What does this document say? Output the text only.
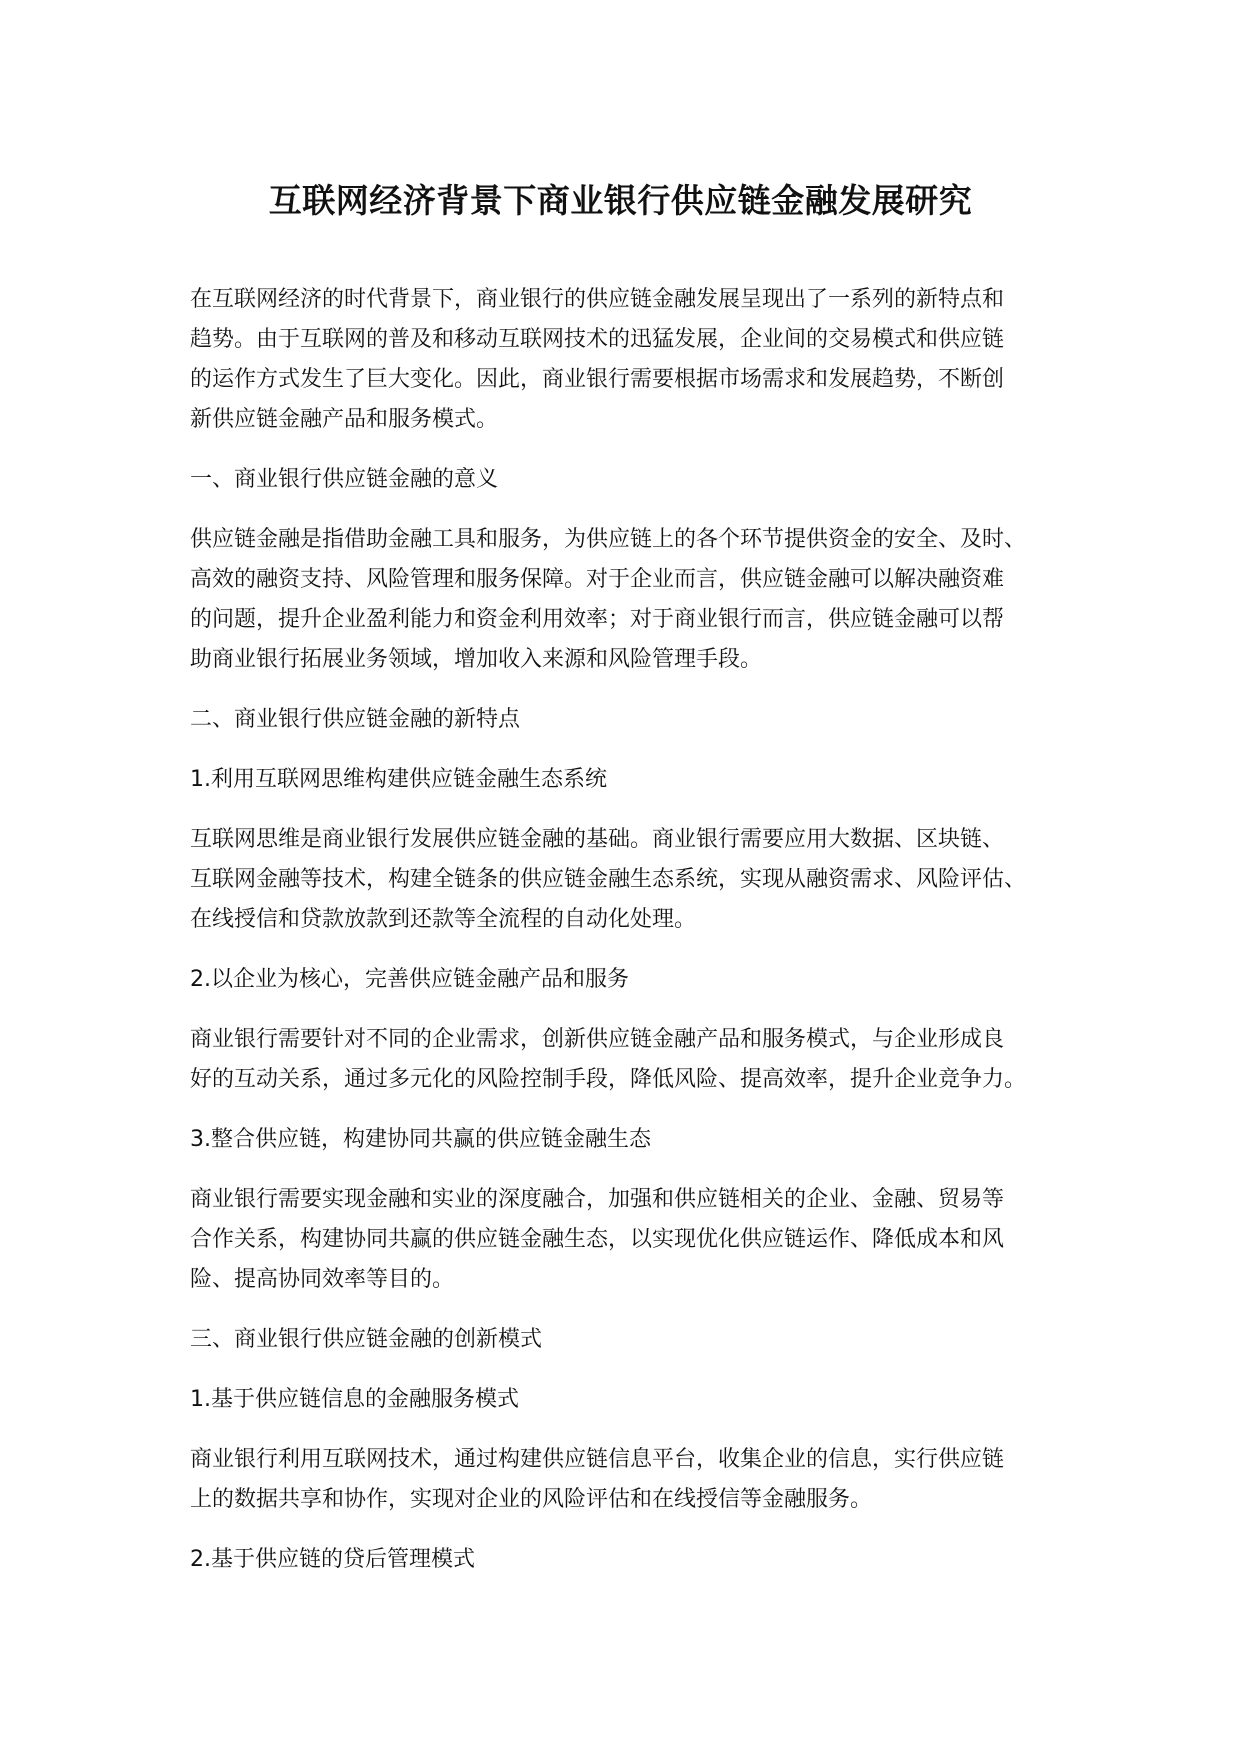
互联网经济背景下商业银行供应链金融发展研究

在互联网经济的时代背景下，商业银行的供应链金融发展呈现出了一系列的新特点和
趋势。由于互联网的普及和移动互联网技术的迅猛发展，企业间的交易模式和供应链
的运作方式发生了巨大变化。因此，商业银行需要根据市场需求和发展趋势，不断创
新供应链金融产品和服务模式。

一、商业银行供应链金融的意义

供应链金融是指借助金融工具和服务，为供应链上的各个环节提供资金的安全、及时、
高效的融资支持、风险管理和服务保障。对于企业而言，供应链金融可以解决融资难
的问题，提升企业盈利能力和资金利用效率；对于商业银行而言，供应链金融可以帮
助商业银行拓展业务领域，增加收入来源和风险管理手段。

二、商业银行供应链金融的新特点

1.利用互联网思维构建供应链金融生态系统

互联网思维是商业银行发展供应链金融的基础。商业银行需要应用大数据、区块链、
互联网金融等技术，构建全链条的供应链金融生态系统，实现从融资需求、风险评估、
在线授信和贷款放款到还款等全流程的自动化处理。

2.以企业为核心，完善供应链金融产品和服务

商业银行需要针对不同的企业需求，创新供应链金融产品和服务模式，与企业形成良
好的互动关系，通过多元化的风险控制手段，降低风险、提高效率，提升企业竞争力。

3.整合供应链，构建协同共赢的供应链金融生态

商业银行需要实现金融和实业的深度融合，加强和供应链相关的企业、金融、贸易等
合作关系，构建协同共赢的供应链金融生态，以实现优化供应链运作、降低成本和风
险、提高协同效率等目的。

三、商业银行供应链金融的创新模式

1.基于供应链信息的金融服务模式

商业银行利用互联网技术，通过构建供应链信息平台，收集企业的信息，实行供应链
上的数据共享和协作，实现对企业的风险评估和在线授信等金融服务。

2.基于供应链的贷后管理模式
